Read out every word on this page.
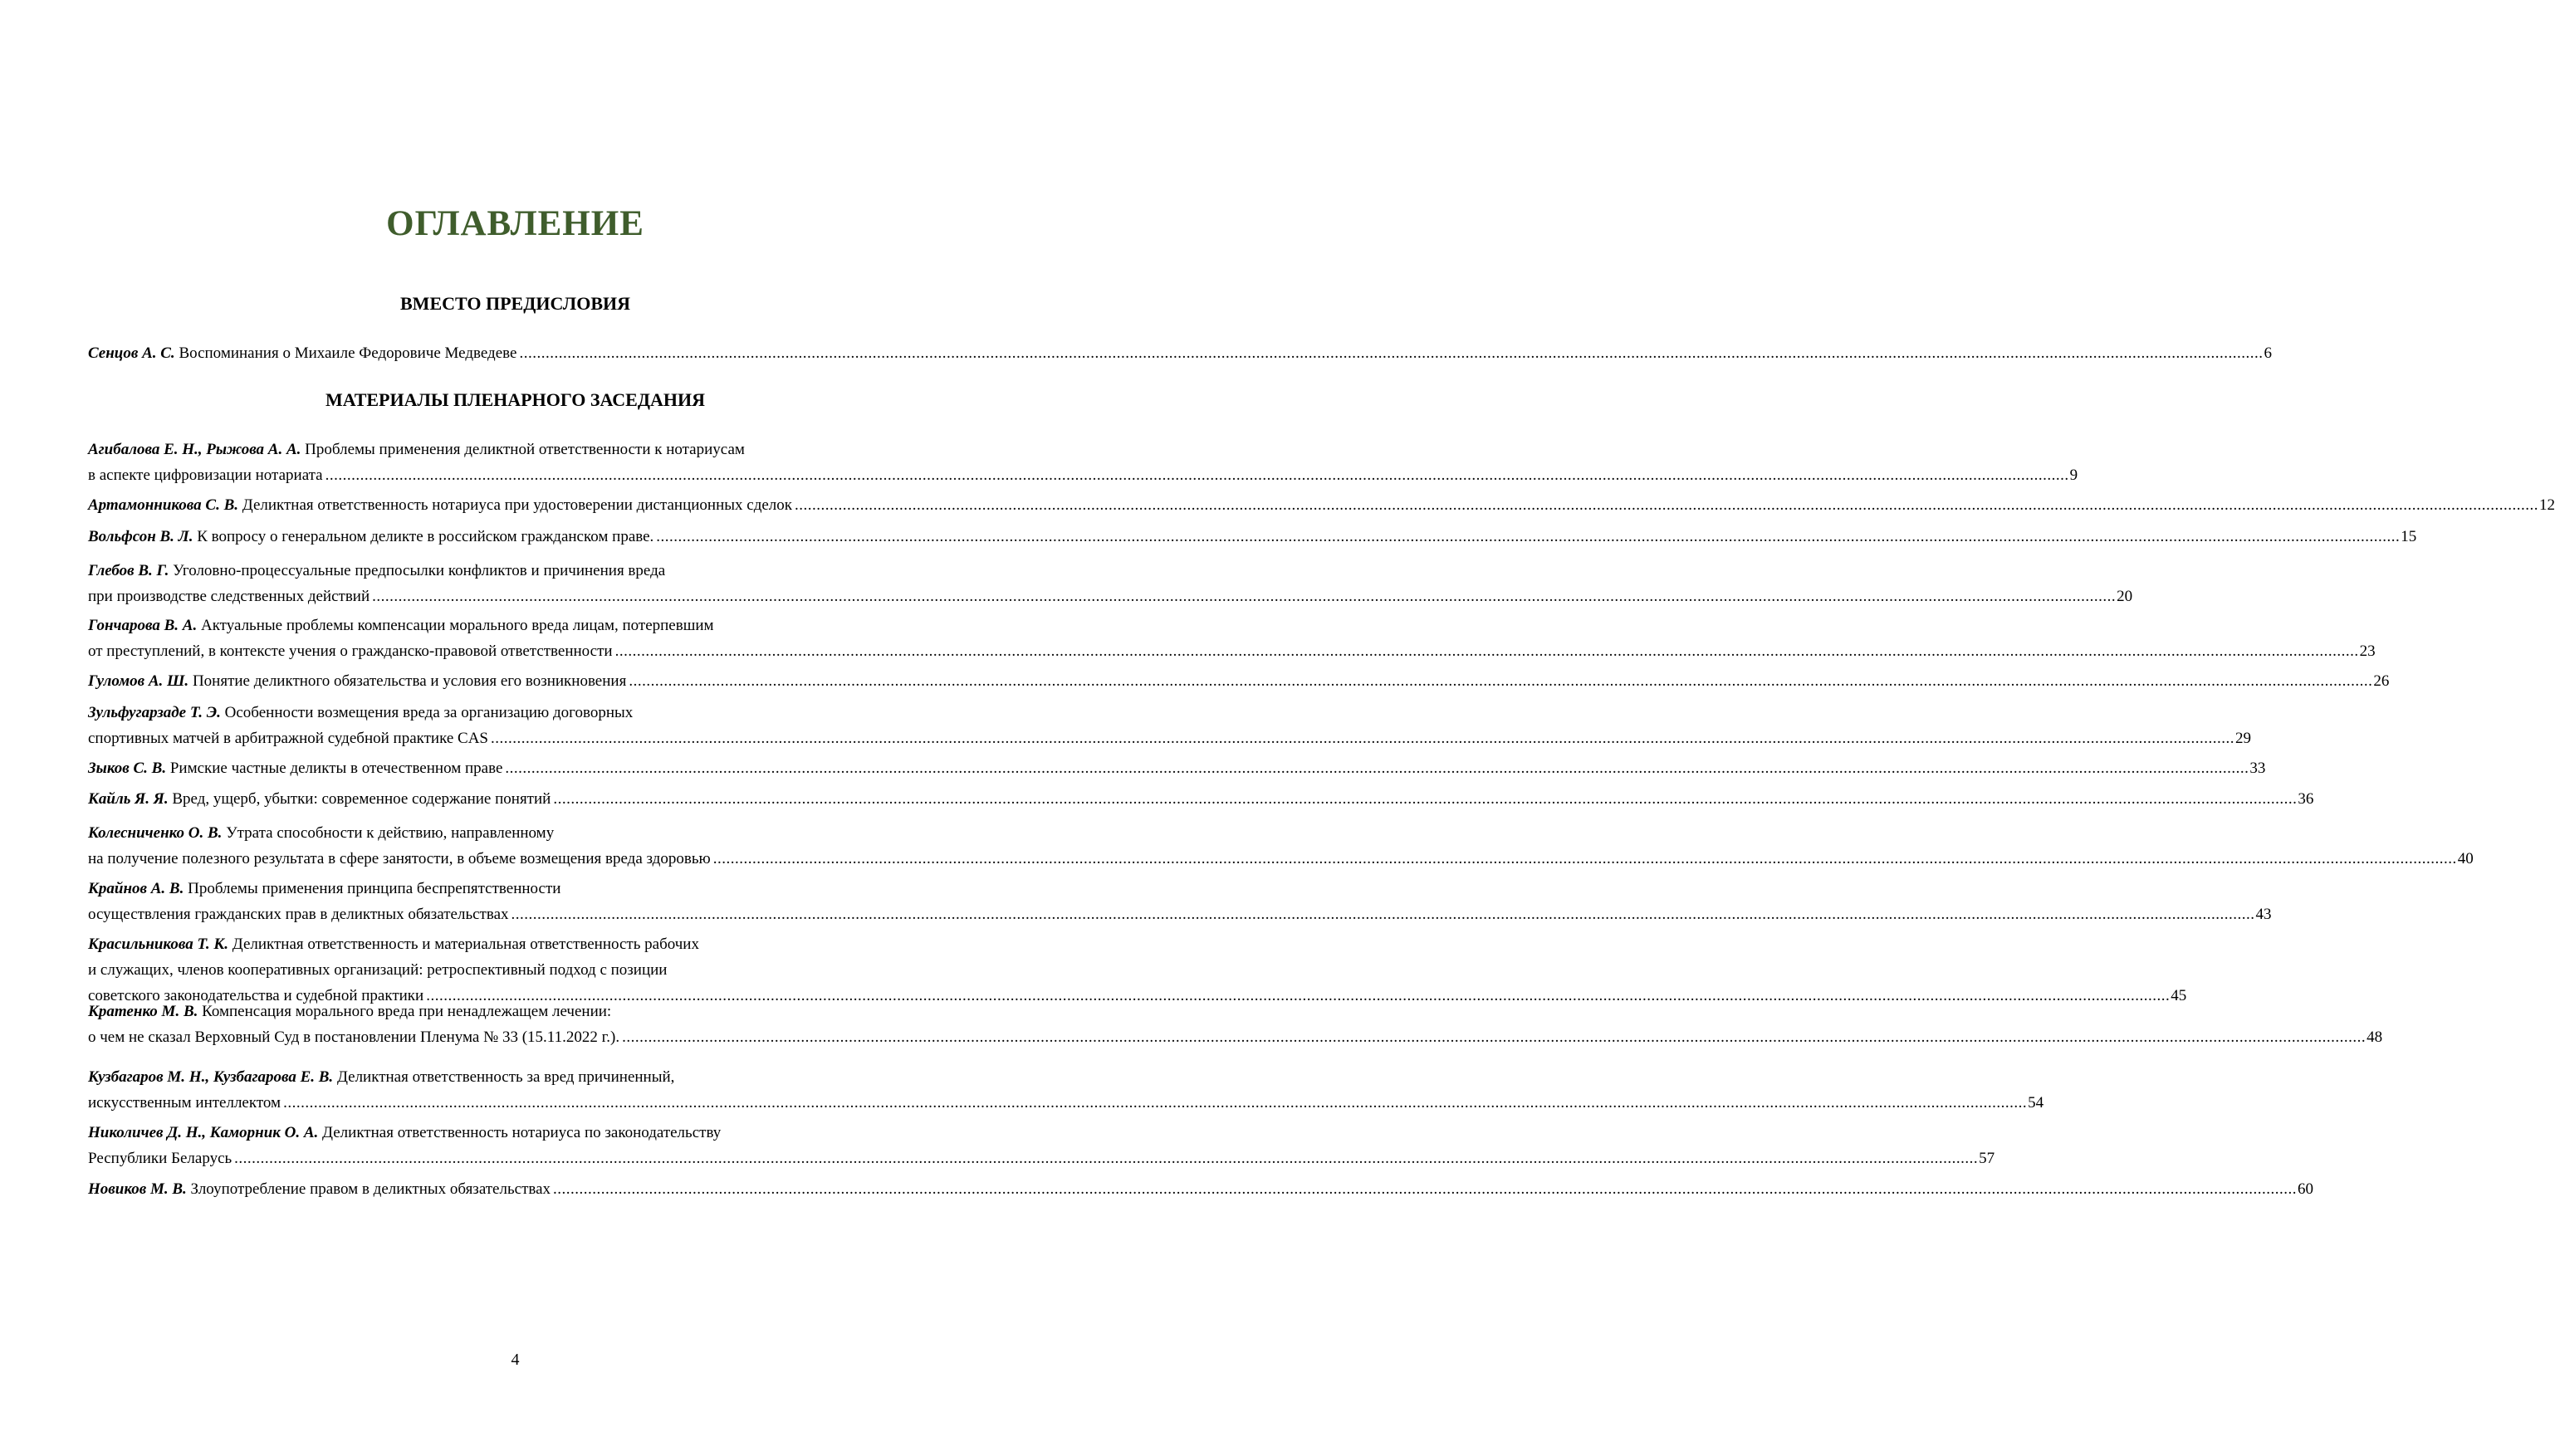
ОГЛАВЛЕНИЕ
ВМЕСТО ПРЕДИСЛОВИЯ
МАТЕРИАЛЫ ПЛЕНАРНОГО ЗАСЕДАНИЯ
Сенцов А. С. Воспоминания о Михаиле Федоровиче Медведеве ................................................................................................................................................................................................................................................................................................................................................................................................................ 6
Агибалова Е. Н., Рыжова А. А. Проблемы применения деликтной ответственности к нотариусам
в аспекте цифровизации нотариата ................................................................................................................................................................................................................................................................................................................................................................................................................ 9
Артамонникова С. В. Деликтная ответственность нотариуса при удостоверении дистанционных сделок ................................................................................................................................................................................................................................................................................................................................................................................................................ 12
Вольфсон В. Л. К вопросу о генеральном деликте в российском гражданском праве. ................................................................................................................................................................................................................................................................................................................................................................................................................ 15
Глебов В. Г. Уголовно-процессуальные предпосылки конфликтов и причинения вреда
при производстве следственных действий ................................................................................................................................................................................................................................................................................................................................................................................................................ 20
Гончарова В. А. Актуальные проблемы компенсации морального вреда лицам, потерпевшим
от преступлений, в контексте учения о гражданско-правовой ответственности ................................................................................................................................................................................................................................................................................................................................................................................................................ 23
Гуломов А. Ш. Понятие деликтного обязательства и условия его возникновения ................................................................................................................................................................................................................................................................................................................................................................................................................ 26
Зульфугарзаде Т. Э. Особенности возмещения вреда за организацию договорных
спортивных матчей в арбитражной судебной практике CAS ................................................................................................................................................................................................................................................................................................................................................................................................................ 29
Зыков С. В. Римские частные деликты в отечественном праве ................................................................................................................................................................................................................................................................................................................................................................................................................ 33
Кайль Я. Я. Вред, ущерб, убытки: современное содержание понятий ................................................................................................................................................................................................................................................................................................................................................................................................................ 36
Колесниченко О. В. Утрата способности к действию, направленному
на получение полезного результата в сфере занятости, в объеме возмещения вреда здоровью ................................................................................................................................................................................................................................................................................................................................................................................................................ 40
Крайнов А. В. Проблемы применения принципа беспрепятственности
осуществления гражданских прав в деликтных обязательствах ................................................................................................................................................................................................................................................................................................................................................................................................................ 43
Красильникова Т. К. Деликтная ответственность и материальная ответственность рабочих
и служащих, членов кооперативных организаций: ретроспективный подход с позиции
советского законодательства и судебной практики ................................................................................................................................................................................................................................................................................................................................................................................................................ 45
Кратенко М. В. Компенсация морального вреда при ненадлежащем лечении:
о чем не сказал Верховный Суд в постановлении Пленума № 33 (15.11.2022 г.). ................................................................................................................................................................................................................................................................................................................................................................................................................ 48
Кузбагаров М. Н., Кузбагарова Е. В. Деликтная ответственность за вред причиненный,
искусственным интеллектом ................................................................................................................................................................................................................................................................................................................................................................................................................ 54
Николичев Д. Н., Каморник О. А. Деликтная ответственность нотариуса по законодательству
Республики Беларусь ................................................................................................................................................................................................................................................................................................................................................................................................................ 57
Новиков М. В. Злоупотребление правом в деликтных обязательствах ................................................................................................................................................................................................................................................................................................................................................................................................................ 60
4
